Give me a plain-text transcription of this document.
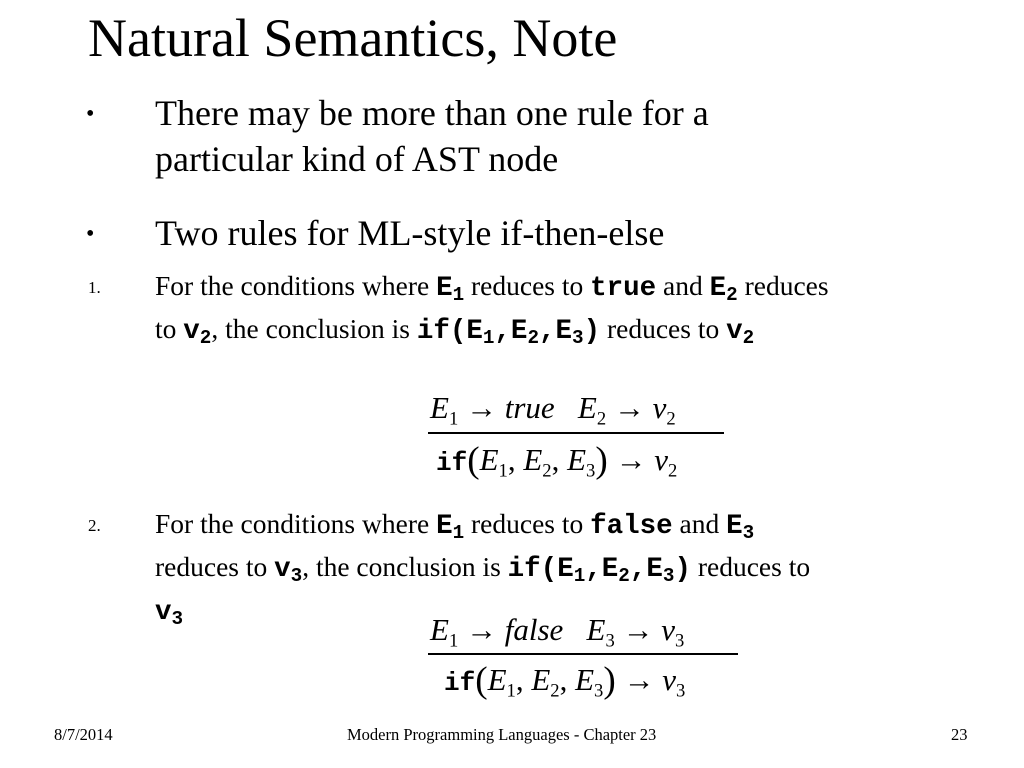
Natural Semantics, Note
• There may be more than one rule for a
particular kind of AST node
• Two rules for ML-style if-then-else
1. For the conditions where $E_1$ reduces to true and $E_2$ reduces
to $v_2$, the conclusion is $if(E_1,E_2,E_3)$ reduces to $v_2$
$E_1$ → true $E_2 \to v_2$
$if(E_1$, $E_2$, $E_3) \to v_2$
2. For the conditions where $E_1$ reduces to false and $E_3$
reduces to $v_3$, the conclusion is $if(E_1,E_2,E_3)$ reduces to
$v_3$	$E_1$ → false $E_3 \to v_3$
$if(E_1$, $E_2$, $E_3) \to v_3$
8/7/2014	Modern Programming Languages - Chapter 23	23
